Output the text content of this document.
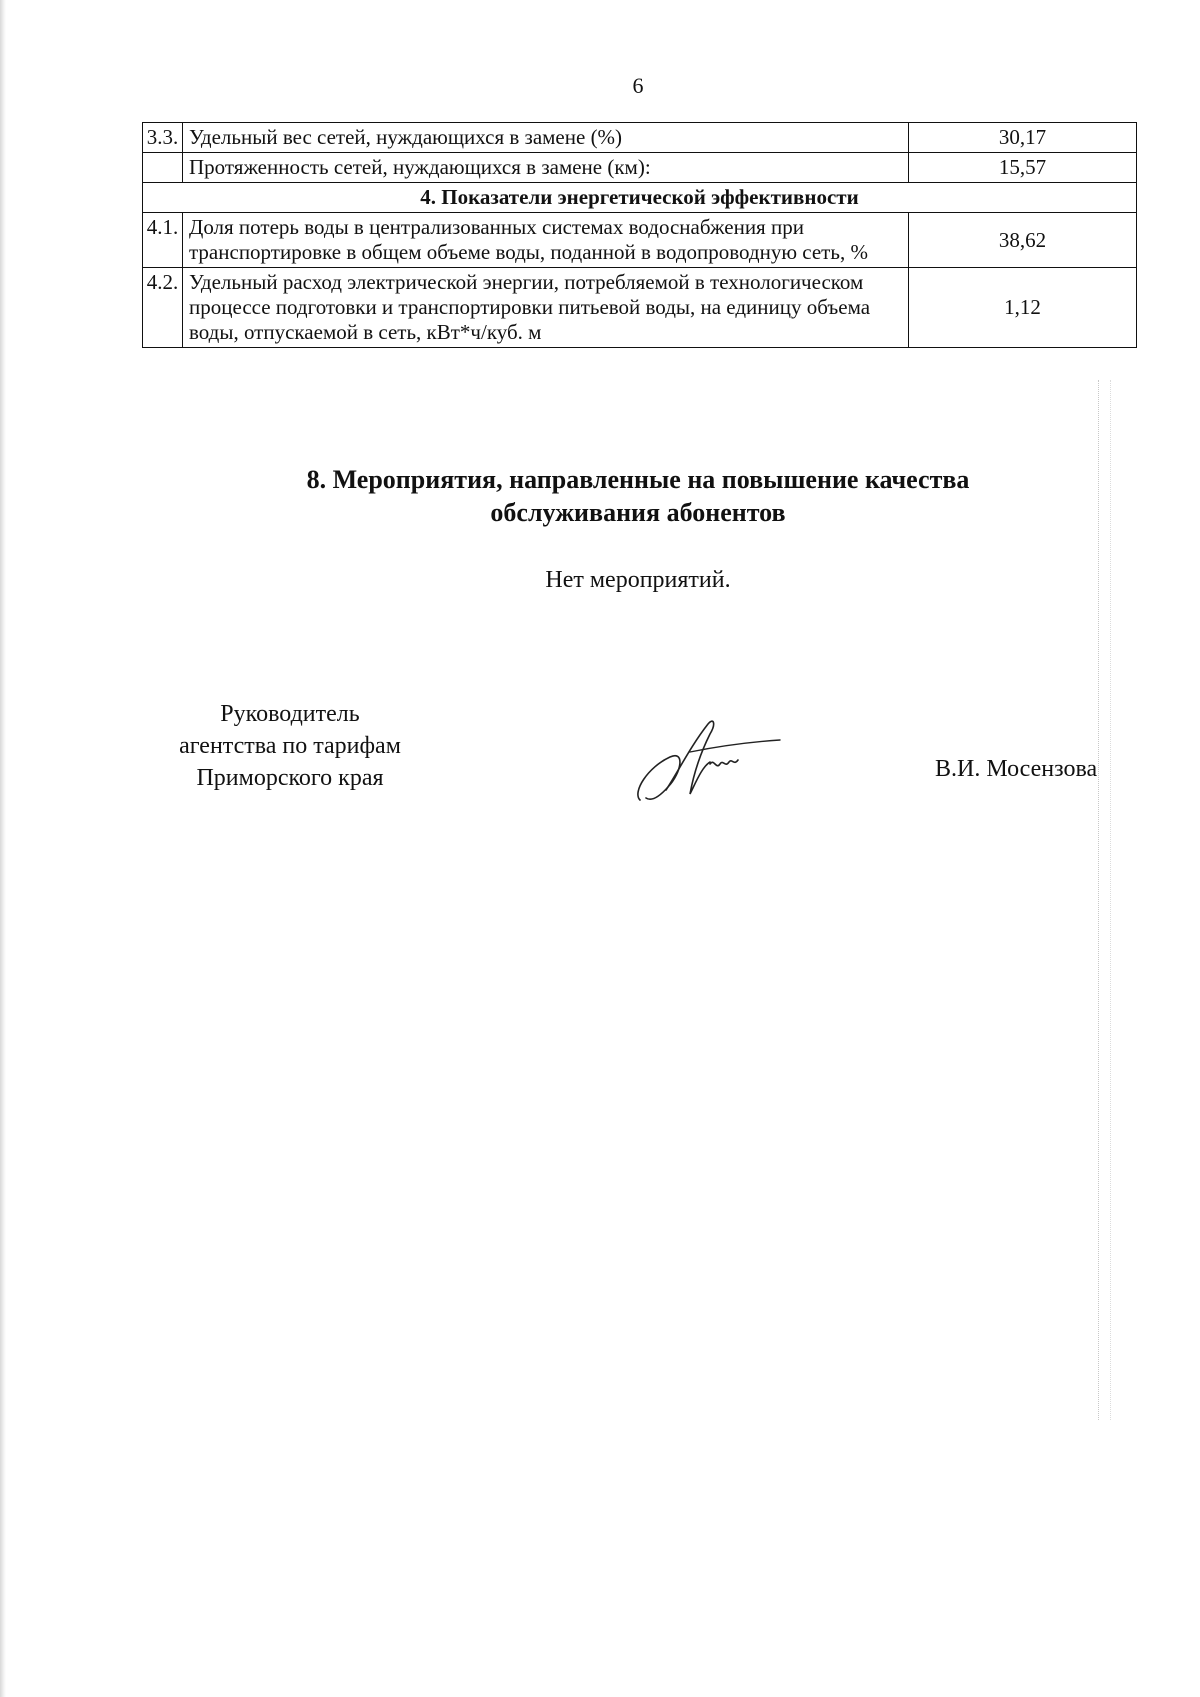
6
3.3.	Удельный вес сетей, нуждающихся в замене (%)	30,17
	Протяженность сетей, нуждающихся в замене (км):	15,57
4. Показатели энергетической эффективности		
4.1.	Доля потерь воды в централизованных системах водоснабжения при транспортировке в общем объеме воды, поданной в водопроводную сеть, %	38,62
4.2.	Удельный расход электрической энергии, потребляемой в технологическом процессе подготовки и транспортировки питьевой воды, на единицу объема воды, отпускаемой в сеть, кВт*ч/куб. м	1,12
8. Мероприятия, направленные на повышение качества
обслуживания абонентов
Нет мероприятий.
Руководитель
агентства по тарифам
Приморского края	В.И. Мосензова
